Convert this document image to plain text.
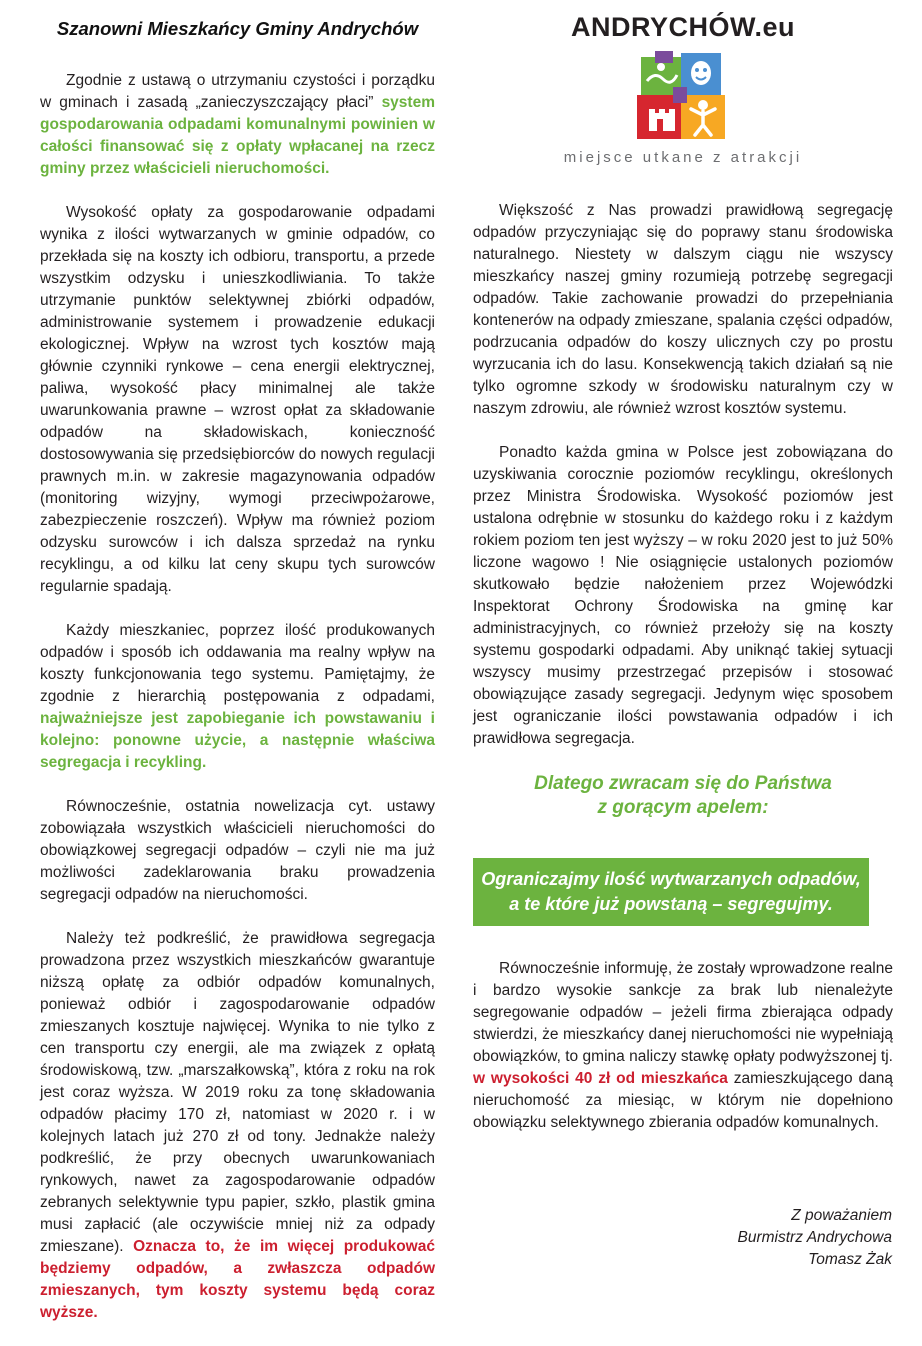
Szanowni Mieszkańcy Gminy Andrychów

Zgodnie z ustawą o utrzymaniu czystości i porządku w gminach i zasadą „zanieczyszczający płaci” system gospodarowania odpadami komunalnymi powinien w całości finansować się z opłaty wpłacanej na rzecz gminy przez właścicieli nieruchomości.

Wysokość opłaty za gospodarowanie odpadami wynika z ilości wytwarzanych w gminie odpadów, co przekłada się na koszty ich odbioru, transportu, a przede wszystkim odzysku i unieszkodliwiania. To także utrzymanie punktów selektywnej zbiórki odpadów, administrowanie systemem i prowadzenie edukacji ekologicznej. Wpływ na wzrost tych kosztów mają głównie czynniki rynkowe – cena energii elektrycznej, paliwa, wysokość płacy minimalnej ale także uwarunkowania prawne – wzrost opłat za składowanie odpadów na składowiskach, konieczność dostosowywania się przedsiębiorców do nowych regulacji prawnych m.in. w zakresie magazynowania odpadów (monitoring wizyjny, wymogi przeciwpożarowe, zabezpieczenie roszczeń). Wpływ ma również poziom odzysku surowców i ich dalsza sprzedaż na rynku recyklingu, a od kilku lat ceny skupu tych surowców regularnie spadają.

Każdy mieszkaniec, poprzez ilość produkowanych odpadów i sposób ich oddawania ma realny wpływ na koszty funkcjonowania tego systemu. Pamiętajmy, że zgodnie z hierarchią postępowania z odpadami, najważniejsze jest zapobieganie ich powstawaniu i kolejno: ponowne użycie, a następnie właściwa segregacja i recykling.

Równocześnie, ostatnia nowelizacja cyt. ustawy zobowiązała wszystkich właścicieli nieruchomości do obowiązkowej segregacji odpadów – czyli nie ma już możliwości zadeklarowania braku prowadzenia segregacji odpadów na nieruchomości.

Należy też podkreślić, że prawidłowa segregacja prowadzona przez wszystkich mieszkańców gwarantuje niższą opłatę za odbiór odpadów komunalnych, ponieważ odbiór i zagospodarowanie odpadów zmieszanych kosztuje najwięcej. Wynika to nie tylko z cen transportu czy energii, ale ma związek z opłatą środowiskową, tzw. „marszałkowską”, która z roku na rok jest coraz wyższa. W 2019 roku za tonę składowania odpadów płacimy 170 zł, natomiast w 2020 r. i w kolejnych latach już 270 zł od tony. Jednakże należy podkreślić, że przy obecnych uwarunkowaniach rynkowych, nawet za zagospodarowanie odpadów zebranych selektywnie typu papier, szkło, plastik gmina musi zapłacić (ale oczywiście mniej niż za odpady zmieszane). Oznacza to, że im więcej produkować będziemy odpadów, a zwłaszcza odpadów zmieszanych, tym koszty systemu będą coraz wyższe.

ANDRYCHÓW.eu
miejsce utkane z atrakcji

Większość z Nas prowadzi prawidłową segregację odpadów przyczyniając się do poprawy stanu środowiska naturalnego. Niestety w dalszym ciągu nie wszyscy mieszkańcy naszej gminy rozumieją potrzebę segregacji odpadów. Takie zachowanie prowadzi do przepełniania kontenerów na odpady zmieszane, spalania części odpadów, podrzucania odpadów do koszy ulicznych czy po prostu wyrzucania ich do lasu. Konsekwencją takich działań są nie tylko ogromne szkody w środowisku naturalnym czy w naszym zdrowiu, ale również wzrost kosztów systemu.

Ponadto każda gmina w Polsce jest zobowiązana do uzyskiwania corocznie poziomów recyklingu, określonych przez Ministra Środowiska. Wysokość poziomów jest ustalona odrębnie w stosunku do każdego roku i z każdym rokiem poziom ten jest wyższy – w roku 2020 jest to już 50% liczone wagowo ! Nie osiągnięcie ustalonych poziomów skutkowało będzie nałożeniem przez Wojewódzki Inspektorat Ochrony Środowiska na gminę kar administracyjnych, co również przełoży się na koszty systemu gospodarki odpadami. Aby uniknąć takiej sytuacji wszyscy musimy przestrzegać przepisów i stosować obowiązujące zasady segregacji. Jedynym więc sposobem jest ograniczanie ilości powstawania odpadów i ich prawidłowa segregacja.

Dlatego zwracam się do Państwa
z gorącym apelem:
Ograniczajmy ilość wytwarzanych odpadów,
a te które już powstaną – segregujmy.

Równocześnie informuję, że zostały wprowadzone realne i bardzo wysokie sankcje za brak lub nienależyte segregowanie odpadów – jeżeli firma zbierająca odpady stwierdzi, że mieszkańcy danej nieruchomości nie wypełniają obowiązków, to gmina naliczy stawkę opłaty podwyższonej tj. w wysokości 40 zł od mieszkańca zamieszkującego daną nieruchomość za miesiąc, w którym nie dopełniono obowiązku selektywnego zbierania odpadów komunalnych.

Z poważaniem
Burmistrz Andrychowa
Tomasz Żak
